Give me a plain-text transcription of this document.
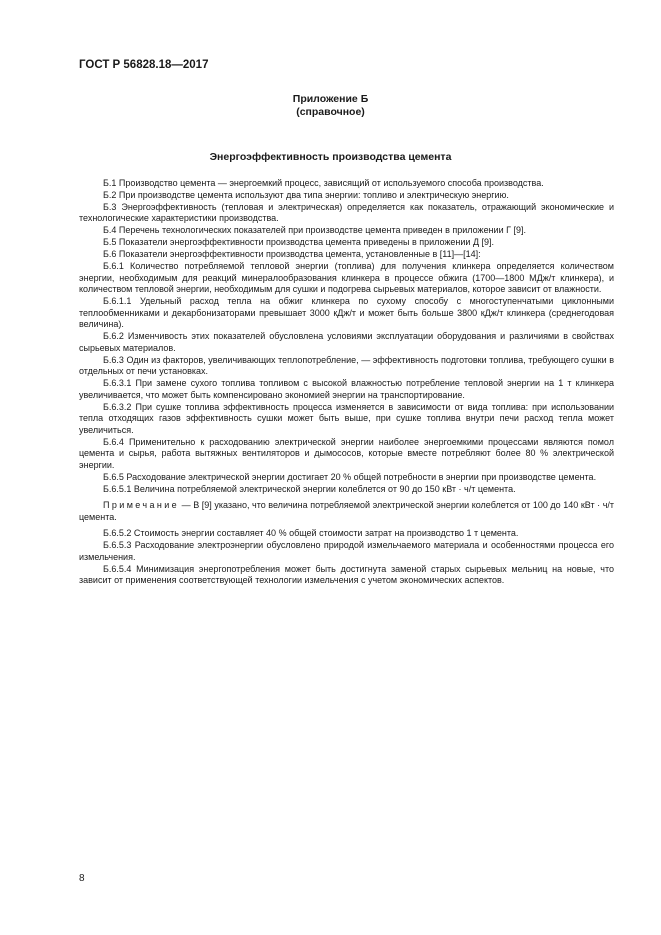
ГОСТ Р 56828.18—2017
Приложение Б
(справочное)
Энергоэффективность производства цемента

Б.1 Производство цемента — энергоемкий процесс, зависящий от используемого способа производства.

Б.2 При производстве цемента используют два типа энергии: топливо и электрическую энергию.

Б.3 Энергоэффективность (тепловая и электрическая) определяется как показатель, отражающий экономические и технологические характеристики производства.

Б.4 Перечень технологических показателей при производстве цемента приведен в приложении Г [9].

Б.5 Показатели энергоэффективности производства цемента приведены в приложении Д [9].

Б.6 Показатели энергоэффективности производства цемента, установленные в [11]—[14]:

Б.6.1 Количество потребляемой тепловой энергии (топлива) для получения клинкера определяется количеством энергии, необходимым для реакций минералообразования клинкера в процессе обжига (1700—1800 МДж/т клинкера), и количеством тепловой энергии, необходимым для сушки и подогрева сырьевых материалов, которое зависит от влажности.

Б.6.1.1 Удельный расход тепла на обжиг клинкера по сухому способу с многоступенчатыми циклонными теплообменниками и декарбонизаторами превышает 3000 кДж/т и может быть больше 3800 кДж/т клинкера (среднегодовая величина).

Б.6.2 Изменчивость этих показателей обусловлена условиями эксплуатации оборудования и различиями в свойствах сырьевых материалов.

Б.6.3 Один из факторов, увеличивающих теплопотребление, — эффективность подготовки топлива, требующего сушки в отдельных от печи установках.

Б.6.3.1 При замене сухого топлива топливом с высокой влажностью потребление тепловой энергии на 1 т клинкера увеличивается, что может быть компенсировано экономией энергии на транспортирование.

Б.6.3.2 При сушке топлива эффективность процесса изменяется в зависимости от вида топлива: при использовании тепла отходящих газов эффективность сушки может быть выше, при сушке топлива внутри печи расход тепла может увеличиться.

Б.6.4 Применительно к расходованию электрической энергии наиболее энергоемкими процессами являются помол цемента и сырья, работа вытяжных вентиляторов и дымососов, которые вместе потребляют более 80 % электрической энергии.

Б.6.5 Расходование электрической энергии достигает 20 % общей потребности в энергии при производстве цемента.

Б.6.5.1 Величина потребляемой электрической энергии колеблется от 90 до 150 кВт · ч/т цемента.

Примечание — В [9] указано, что величина потребляемой электрической энергии колеблется от 100 до 140 кВт · ч/т цемента.

Б.6.5.2 Стоимость энергии составляет 40 % общей стоимости затрат на производство 1 т цемента.

Б.6.5.3 Расходование электроэнергии обусловлено природой измельчаемого материала и особенностями процесса его измельчения.

Б.6.5.4 Минимизация энергопотребления может быть достигнута заменой старых сырьевых мельниц на новые, что зависит от применения соответствующей технологии измельчения с учетом экономических аспектов.

8
